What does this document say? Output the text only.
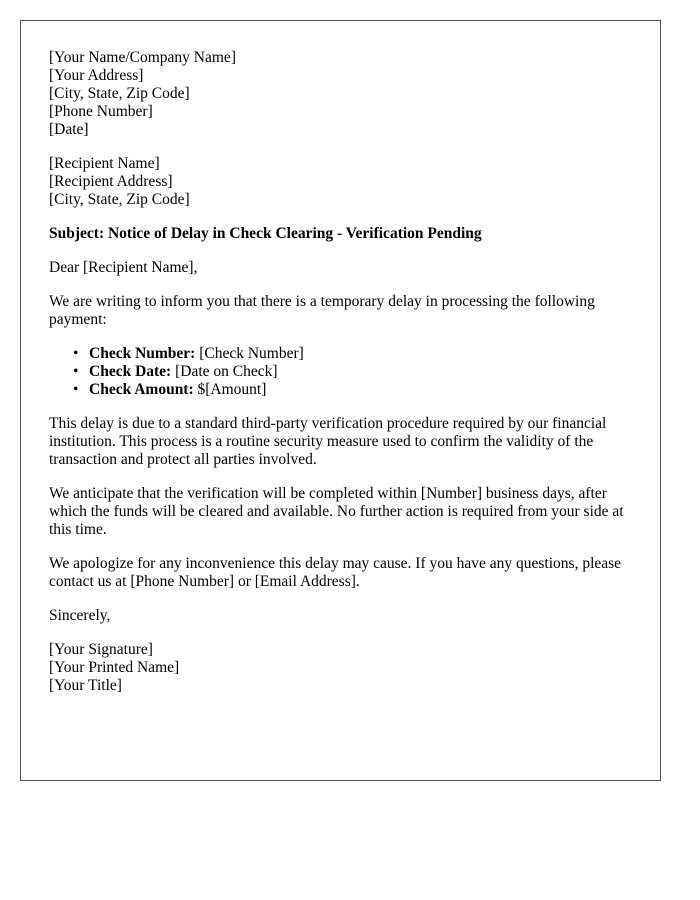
[Your Name/Company Name]
[Your Address]
[City, State, Zip Code]
[Phone Number]
[Date]
[Recipient Name]
[Recipient Address]
[City, State, Zip Code]
Subject: Notice of Delay in Check Clearing - Verification Pending

Dear [Recipient Name],

We are writing to inform you that there is a temporary delay in processing the following payment:

• Check Number: [Check Number]
• Check Date: [Date on Check]
• Check Amount: $[Amount]

This delay is due to a standard third-party verification procedure required by our financial institution. This process is a routine security measure used to confirm the validity of the transaction and protect all parties involved.

We anticipate that the verification will be completed within [Number] business days, after which the funds will be cleared and available. No further action is required from your side at this time.

We apologize for any inconvenience this delay may cause. If you have any questions, please contact us at [Phone Number] or [Email Address].

Sincerely,

[Your Signature]
[Your Printed Name]
[Your Title]
